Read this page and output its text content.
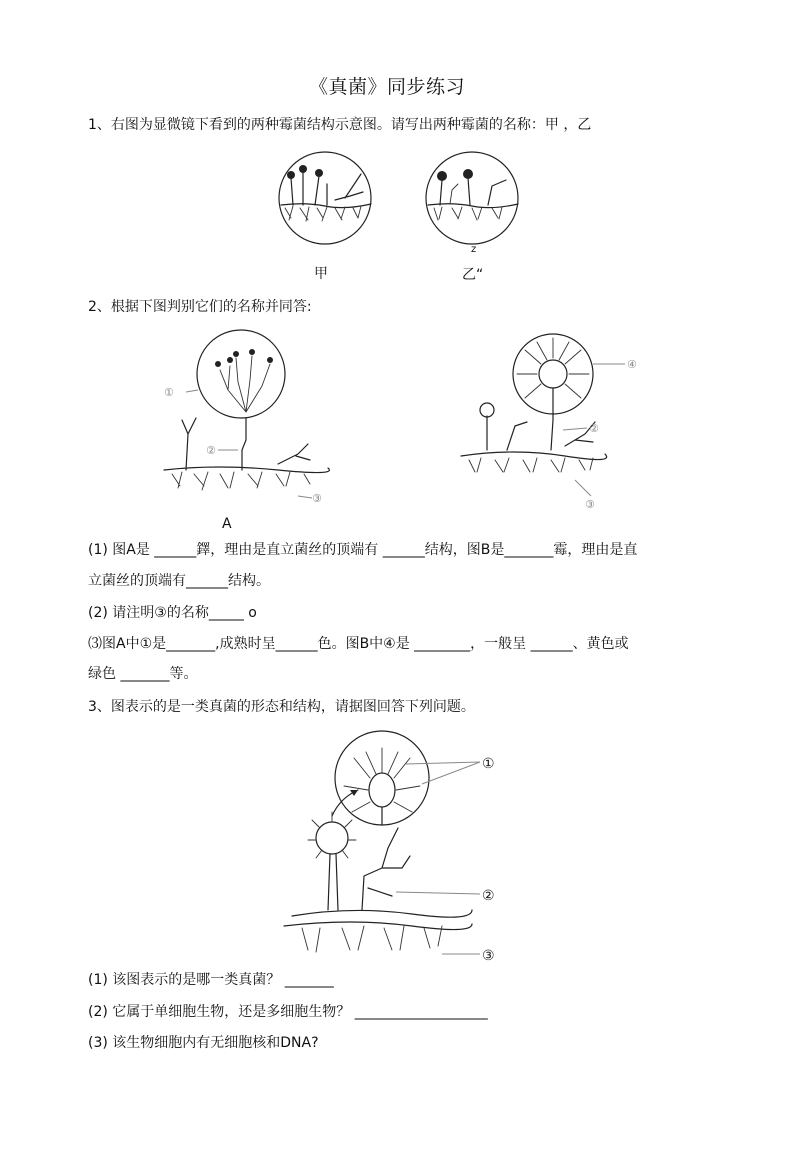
《真菌》同步练习
1、右图为显微镜下看到的两种霉菌结构示意图。请写出两种霉菌的名称：甲 ，乙
z
甲	乙“
2、根据下图判别它们的名称并同答:
①
②
③
A
④
②
③
(1) 图A是 ______鐸，理由是直立菌丝的顶端有 ______结构，图B是_______霉，理由是直
立菌丝的顶端有______结构。
(2) 请注明③的名称_____ o
⑶图A中①是_______,成熟时呈______色。图B中④是 ________，一般呈 ______、黄色或
绿色 _______等。
3、图表示的是一类真菌的形态和结构，请据图回答下列问题。
①
②
③
(1) 该图表示的是哪一类真菌？ _______
(2) 它属于单细胞生物，还是多细胞生物？ ___________________
(3) 该生物细胞内有无细胞核和DNA?
